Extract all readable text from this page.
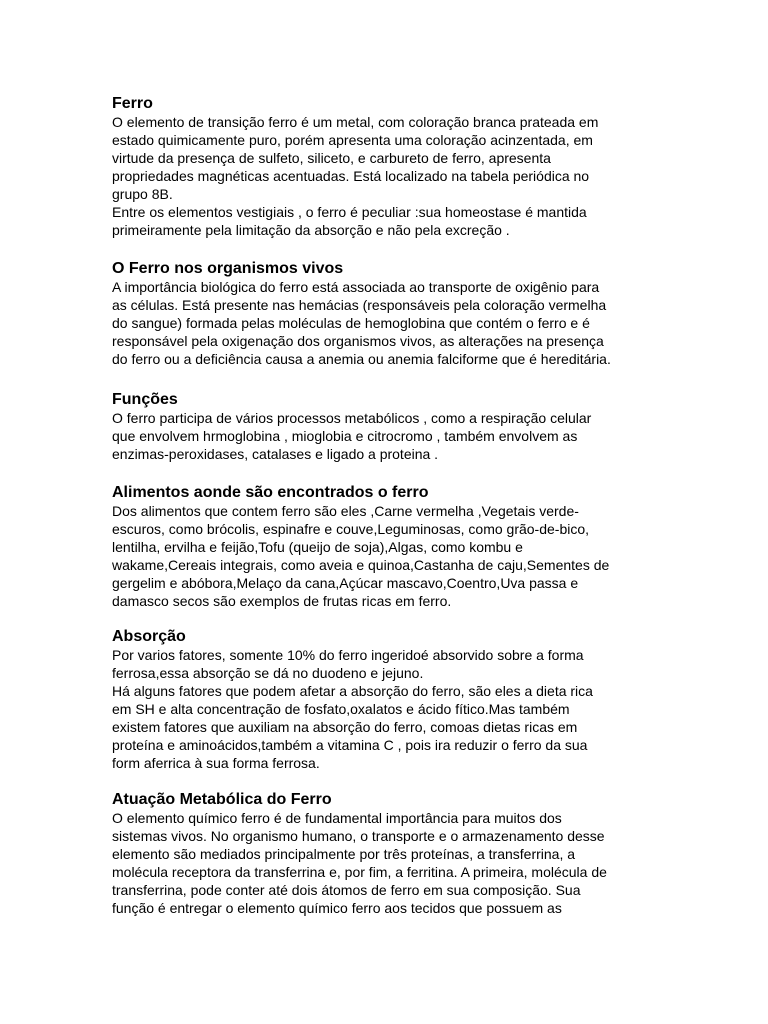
Ferro

O elemento de transição ferro é um metal, com coloração branca prateada em
estado quimicamente puro, porém apresenta uma coloração acinzentada, em
virtude da presença de sulfeto, siliceto, e carbureto de ferro, apresenta
propriedades magnéticas acentuadas. Está localizado na tabela periódica no
grupo 8B.

Entre os elementos vestigiais , o ferro é peculiar :sua homeostase é mantida
primeiramente pela limitação da absorção e não pela excreção .

O Ferro nos organismos vivos

A importância biológica do ferro está associada ao transporte de oxigênio para
as células. Está presente nas hemácias (responsáveis pela coloração vermelha
do sangue) formada pelas moléculas de hemoglobina que contém o ferro e é
responsável pela oxigenação dos organismos vivos, as alterações na presença
do ferro ou a deficiência causa a anemia ou anemia falciforme que é hereditária.

Funções

O ferro participa de vários processos metabólicos , como a respiração celular
que envolvem hrmoglobina , mioglobia e citrocromo , também envolvem as
enzimas-peroxidases, catalases e ligado a proteina .

Alimentos aonde são encontrados o ferro

Dos alimentos que contem ferro são eles ,Carne vermelha ,Vegetais verde-
escuros, como brócolis, espinafre e couve,Leguminosas, como grão-de-bico,
lentilha, ervilha e feijão,Tofu (queijo de soja),Algas, como kombu e
wakame,Cereais integrais, como aveia e quinoa,Castanha de caju,Sementes de
gergelim e abóbora,Melaço da cana,Açúcar mascavo,Coentro,Uva passa e
damasco secos são exemplos de frutas ricas em ferro.

Absorção

Por varios fatores, somente 10% do ferro ingeridoé absorvido sobre a forma
ferrosa,essa absorção se dá no duodeno e jejuno.

Há alguns fatores que podem afetar a absorção do ferro, são eles a dieta rica
em SH e alta concentração de fosfato,oxalatos e ácido fítico.Mas também
existem fatores que auxiliam na absorção do ferro, comoas dietas ricas em
proteína e aminoácidos,também a vitamina C , pois ira reduzir o ferro da sua
form aferrica à sua forma ferrosa.

Atuação Metabólica do Ferro

O elemento químico ferro é de fundamental importância para muitos dos
sistemas vivos. No organismo humano, o transporte e o armazenamento desse
elemento são mediados principalmente por três proteínas, a transferrina, a
molécula receptora da transferrina e, por fim, a ferritina. A primeira, molécula de
transferrina, pode conter até dois átomos de ferro em sua composição. Sua
função é entregar o elemento químico ferro aos tecidos que possuem as
